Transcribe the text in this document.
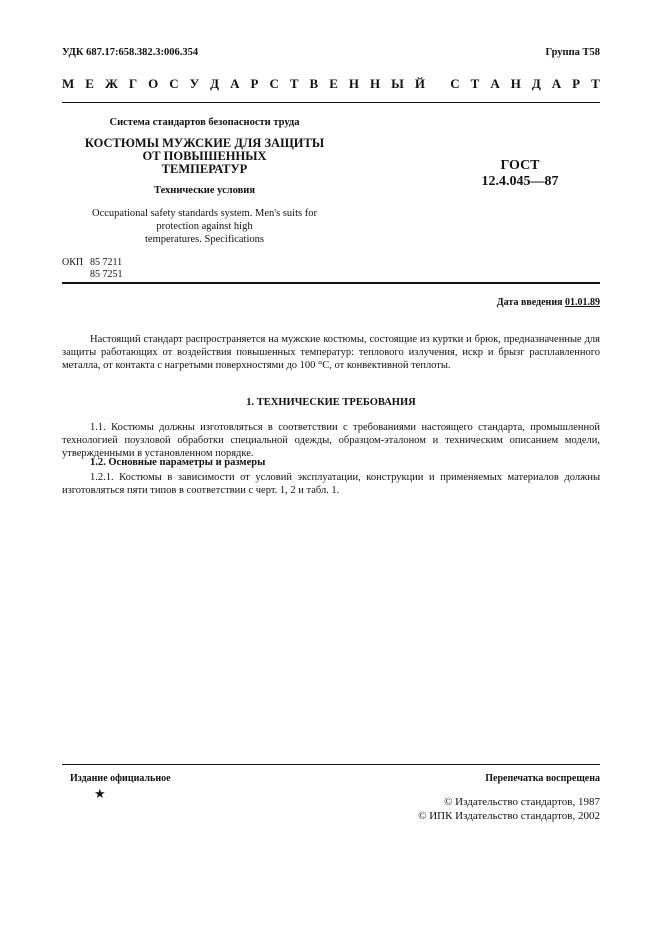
УДК 687.17:658.382.3:006.354	Группа Т58
М Е Ж Г О С У Д А Р С Т В Е Н Н Ы Й
С Т А Н Д А Р Т
Система стандартов безопасности труда
КОСТЮМЫ МУЖСКИЕ ДЛЯ ЗАЩИТЫ
ОТ ПОВЫШЕННЫХ
ТЕМПЕРАТУР
Технические условия
Occupational safety standards system. Men's suits for
protection against high
temperatures. Specifications
ГОСТ
12.4.045—87
ОКП 85 7211
85 7251
Дата введения 01.01.89
Настоящий стандарт распространяется на мужские костюмы, состоящие из куртки и брюк, предназначенные для защиты работающих от воздействия повышенных температур: теплового излучения, искр и брызг расплавленного металла, от контакта с нагретыми поверхностями до 100 °С, от конвективной теплоты.
1. ТЕХНИЧЕСКИЕ ТРЕБОВАНИЯ
1.1. Костюмы должны изготовляться в соответствии с требованиями настоящего стандарта, промышленной технологией поузловой обработки специальной одежды, образцом-эталоном и техническим описанием модели, утвержденными в установленном порядке.
1.2. Основные параметры и размеры
1.2.1. Костюмы в зависимости от условий эксплуатации, конструкции и применяемых материалов должны изготовляться пяти типов в соответствии с черт. 1, 2 и табл. 1.
Издание официальное
★
Перепечатка воспрещена
© Издательство стандартов, 1987
© ИПК Издательство стандартов, 2002
